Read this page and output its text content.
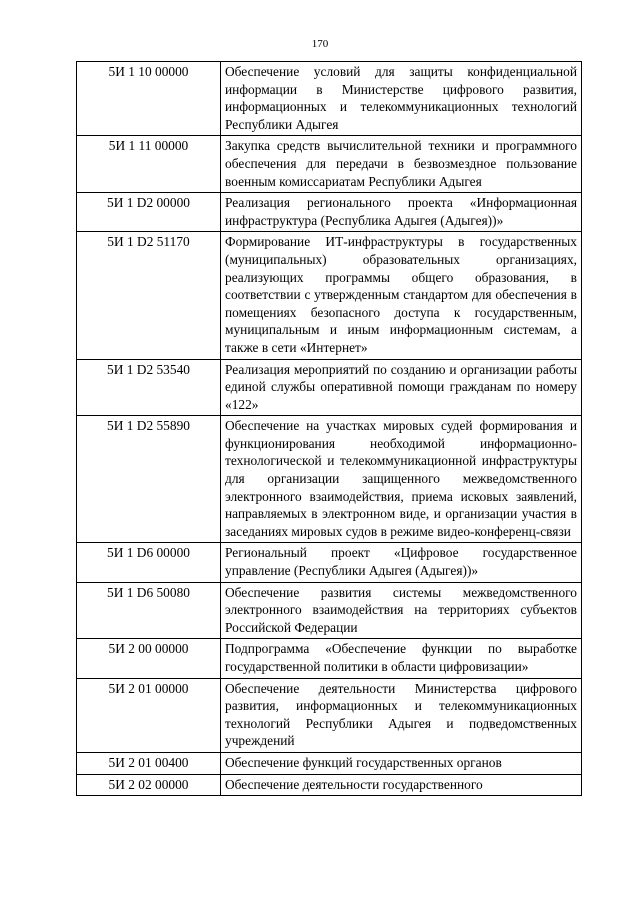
170
5И 1 10 00000	Обеспечение условий для защиты конфиденциальной информации в Министерстве цифрового развития, информационных и телекоммуникационных технологий Республики Адыгея
5И 1 11 00000	Закупка средств вычислительной техники и программного обеспечения для передачи в безвозмездное пользование военным комиссариатам Республики Адыгея
5И 1 D2 00000	Реализация регионального проекта «Информационная инфраструктура (Республика Адыгея (Адыгея))»
5И 1 D2 51170	Формирование ИТ-инфраструктуры в государственных (муниципальных) образовательных организациях, реализующих программы общего образования, в соответствии с утвержденным стандартом для обеспечения в помещениях безопасного доступа к государственным, муниципальным и иным информационным системам, а также в сети «Интернет»
5И 1 D2 53540	Реализация мероприятий по созданию и организации работы единой службы оперативной помощи гражданам по номеру «122»
5И 1 D2 55890	Обеспечение на участках мировых судей формирования и функционирования необходимой информационно-технологической и телекоммуникационной инфраструктуры для организации защищенного межведомственного электронного взаимодействия, приема исковых заявлений, направляемых в электронном виде, и организации участия в заседаниях мировых судов в режиме видео-конференц-связи
5И 1 D6 00000	Региональный проект «Цифровое государственное управление (Республики Адыгея (Адыгея))»
5И 1 D6 50080	Обеспечение развития системы межведомственного электронного взаимодействия на территориях субъектов Российской Федерации
5И 2 00 00000	Подпрограмма «Обеспечение функции по выработке государственной политики в области цифровизации»
5И 2 01 00000	Обеспечение деятельности Министерства цифрового развития, информационных и телекоммуникационных технологий Республики Адыгея и подведомственных учреждений
5И 2 01 00400	Обеспечение функций государственных органов
5И 2 02 00000	Обеспечение деятельности государственного
